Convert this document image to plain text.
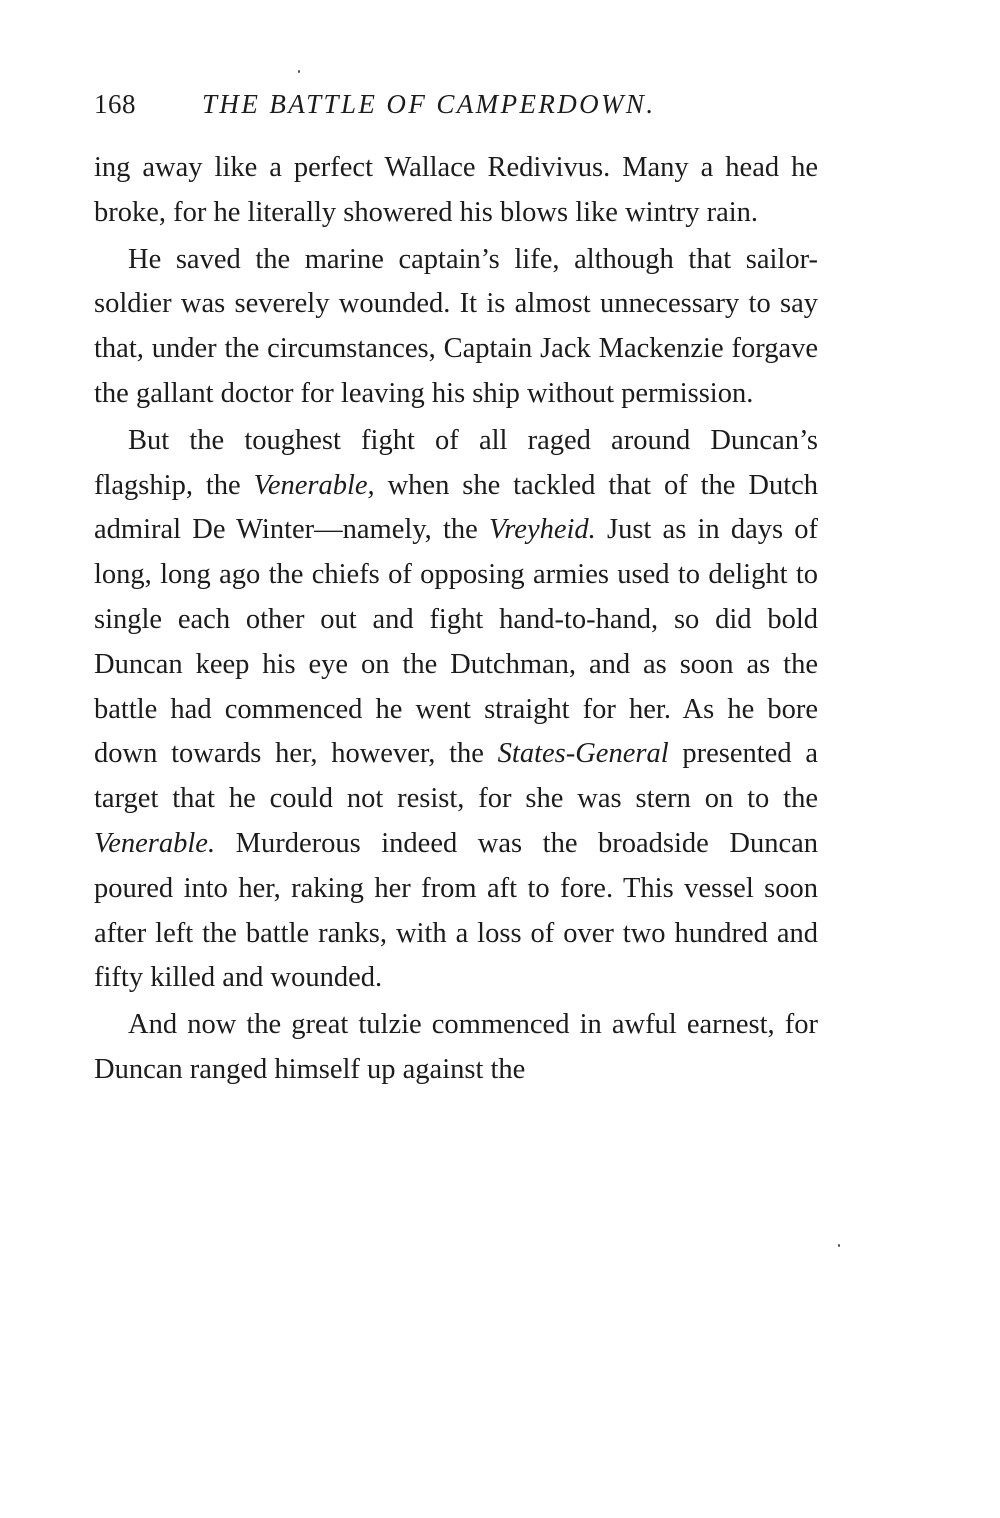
168 THE BATTLE OF CAMPERDOWN.

ing away like a perfect Wallace Redivivus. Many a head he broke, for he literally showered his blows like wintry rain.

He saved the marine captain’s life, although that sailor-soldier was severely wounded. It is almost unnecessary to say that, under the circumstances, Captain Jack Mackenzie forgave the gallant doctor for leaving his ship without permission.

But the toughest fight of all raged around Duncan’s flagship, the Venerable, when she tackled that of the Dutch admiral De Winter—namely, the Vreyheid. Just as in days of long, long ago the chiefs of opposing armies used to delight to single each other out and fight hand-to-hand, so did bold Duncan keep his eye on the Dutchman, and as soon as the battle had commenced he went straight for her. As he bore down towards her, however, the States-General presented a target that he could not resist, for she was stern on to the Venerable. Murderous indeed was the broadside Duncan poured into her, raking her from aft to fore. This vessel soon after left the battle ranks, with a loss of over two hundred and fifty killed and wounded.

And now the great tulzie commenced in awful earnest, for Duncan ranged himself up against the
